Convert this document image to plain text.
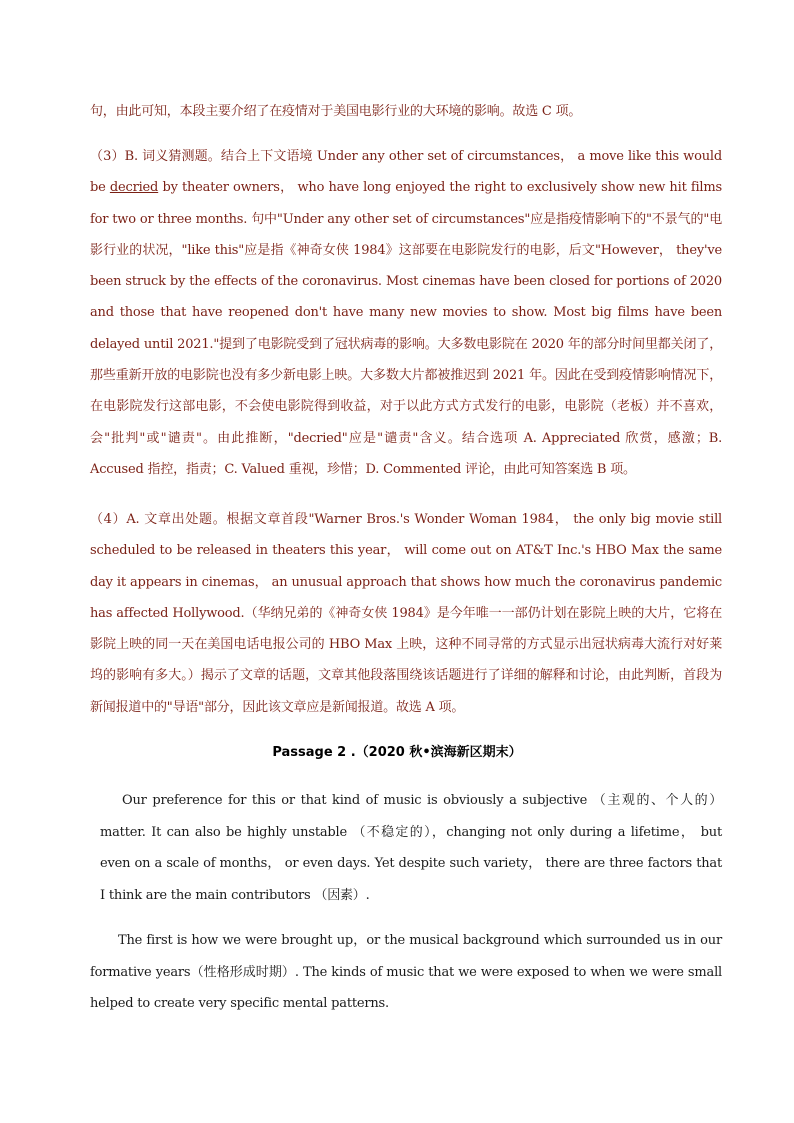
句，由此可知，本段主要介绍了在疫情对于美国电影行业的大环境的影响。故选 C 项。

（3）B. 词义猜测题。结合上下文语境 Under any other set of circumstances， a move like this would be decried by theater owners， who have long enjoyed the right to exclusively show new hit films for two or three months. 句中"Under any other set of circumstances"应是指疫情影响下的"不景气的"电影行业的状况，"like this"应是指《神奇女侠 1984》这部要在电影院发行的电影，后文"However， they've been struck by the effects of the coronavirus. Most cinemas have been closed for portions of 2020 and those that have reopened don't have many new movies to show. Most big films have been delayed until 2021."提到了电影院受到了冠状病毒的影响。大多数电影院在 2020 年的部分时间里都关闭了，那些重新开放的电影院也没有多少新电影上映。大多数大片都被推迟到 2021 年。因此在受到疫情影响情况下，在电影院发行这部电影，不会使电影院得到收益，对于以此方式方式发行的电影，电影院（老板）并不喜欢，会"批判"或"谴责"。由此推断，"decried"应是"谴责"含义。结合选项 A. Appreciated 欣赏，感激；B. Accused 指控，指责；C. Valued 重视，珍惜；D. Commented 评论，由此可知答案选 B 项。

（4）A. 文章出处题。根据文章首段"Warner Bros.'s Wonder Woman 1984， the only big movie still scheduled to be released in theaters this year， will come out on AT&T Inc.'s HBO Max the same day it appears in cinemas， an unusual approach that shows how much the coronavirus pandemic has affected Hollywood.（华纳兄弟的《神奇女侠 1984》是今年唯一一部仍计划在影院上映的大片，它将在影院上映的同一天在美国电话电报公司的 HBO Max 上映，这种不同寻常的方式显示出冠状病毒大流行对好莱坞的影响有多大。）揭示了文章的话题，文章其他段落围绕该话题进行了详细的解释和讨论，由此判断，首段为新闻报道中的"导语"部分，因此该文章应是新闻报道。故选 A 项。

Passage 2 .（2020 秋•滨海新区期末）

Our preference for this or that kind of music is obviously a subjective （主观的、个人的） matter. It can also be highly unstable （不稳定的），changing not only during a lifetime， but even on a scale of months， or even days. Yet despite such variety， there are three factors that I think are the main contributors （因素）.

The first is how we were brought up，or the musical background which surrounded us in our formative years（性格形成时期）. The kinds of music that we were exposed to when we were small helped to create very specific mental patterns.
